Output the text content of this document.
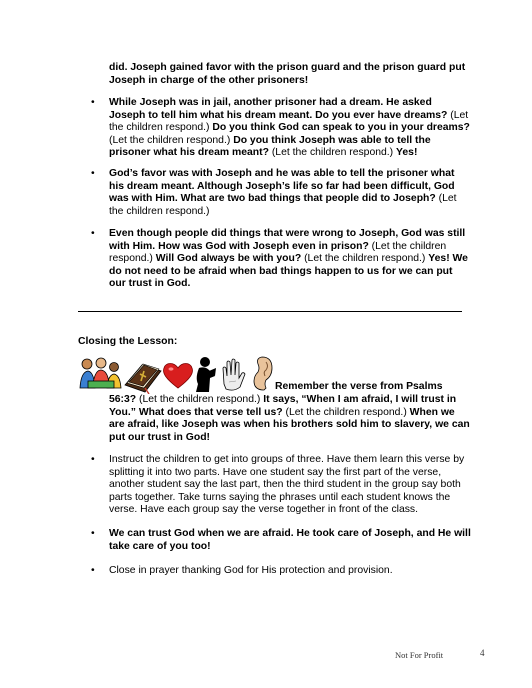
did. Joseph gained favor with the prison guard and the prison guard put Joseph in charge of the other prisoners!
• While Joseph was in jail, another prisoner had a dream. He asked Joseph to tell him what his dream meant. Do you ever have dreams? (Let the children respond.) Do you think God can speak to you in your dreams? (Let the children respond.) Do you think Joseph was able to tell the prisoner what his dream meant? (Let the children respond.) Yes!
• God’s favor was with Joseph and he was able to tell the prisoner what his dream meant. Although Joseph’s life so far had been difficult, God was with Him. What are two bad things that people did to Joseph? (Let the children respond.)
• Even though people did things that were wrong to Joseph, God was still with Him. How was God with Joseph even in prison? (Let the children respond.) Will God always be with you? (Let the children respond.) Yes! We do not need to be afraid when bad things happen to us for we can put our trust in God.
Closing the Lesson:
Remember the verse from Psalms
56:3? (Let the children respond.) It says, “When I am afraid, I will trust in You.” What does that verse tell us? (Let the children respond.) When we are afraid, like Joseph was when his brothers sold him to slavery, we can put our trust in God!
• Instruct the children to get into groups of three. Have them learn this verse by splitting it into two parts. Have one student say the first part of the verse, another student say the last part, then the third student in the group say both parts together. Take turns saying the phrases until each student knows the verse. Have each group say the verse together in front of the class.
• We can trust God when we are afraid. He took care of Joseph, and He will take care of you too!
• Close in prayer thanking God for His protection and provision.
Not For Profit	4
